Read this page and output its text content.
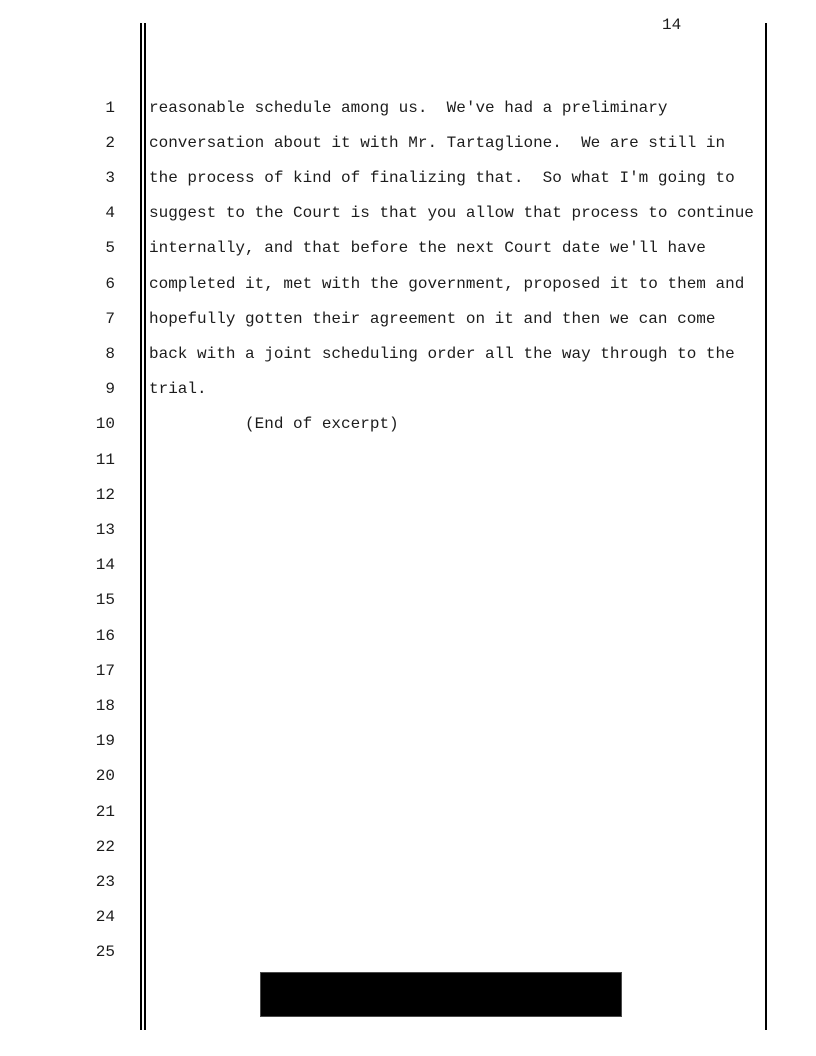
14
1 reasonable schedule among us.  We've had a preliminary
2 conversation about it with Mr. Tartaglione.  We are still in
3 the process of kind of finalizing that.  So what I'm going to
4 suggest to the Court is that you allow that process to continue
5 internally, and that before the next Court date we'll have
6 completed it, met with the government, proposed it to them and
7 hopefully gotten their agreement on it and then we can come
8 back with a joint scheduling order all the way through to the
9 trial.
10 (End of excerpt)
11
12
13
14
15
16
17
18
19
20
21
22
23
24
25
